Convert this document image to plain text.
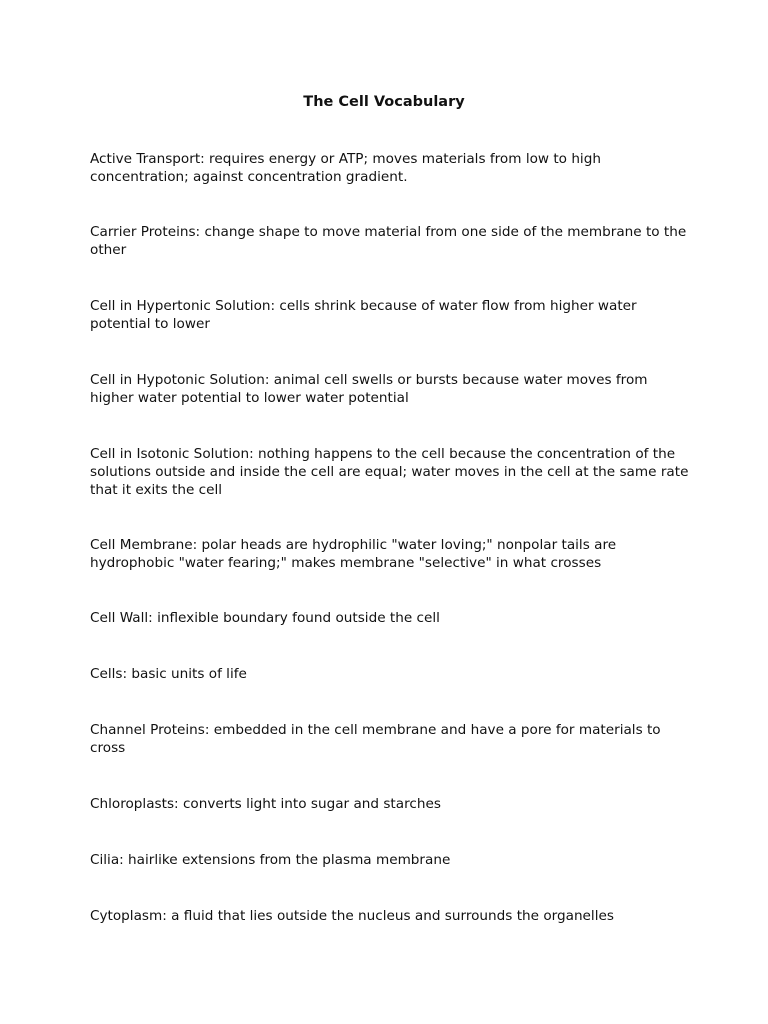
The Cell Vocabulary

Active Transport: requires energy or ATP; moves materials from low to high concentration; against concentration gradient.

Carrier Proteins: change shape to move material from one side of the membrane to the other

Cell in Hypertonic Solution: cells shrink because of water flow from higher water potential to lower

Cell in Hypotonic Solution: animal cell swells or bursts because water moves from higher water potential to lower water potential

Cell in Isotonic Solution: nothing happens to the cell because the concentration of the solutions outside and inside the cell are equal; water moves in the cell at the same rate that it exits the cell

Cell Membrane: polar heads are hydrophilic "water loving;" nonpolar tails are hydrophobic "water fearing;" makes membrane "selective" in what crosses

Cell Wall: inflexible boundary found outside the cell

Cells: basic units of life

Channel Proteins: embedded in the cell membrane and have a pore for materials to cross

Chloroplasts: converts light into sugar and starches

Cilia: hairlike extensions from the plasma membrane

Cytoplasm: a fluid that lies outside the nucleus and surrounds the organelles
